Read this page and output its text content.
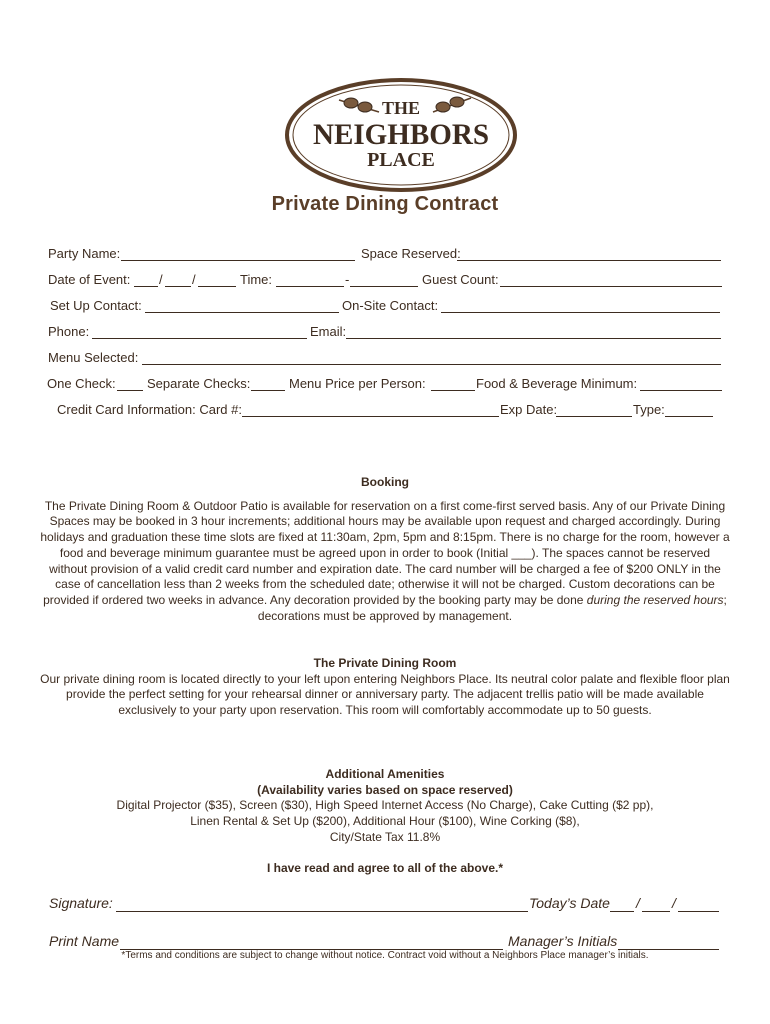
THE
NEIGHBORS
PLACE
Private Dining Contract
Party Name:	Space Reserved:
Date of Event: / /	Time:	-	Guest Count:
Set Up Contact:	On-Site Contact:
Phone:	Email:
Menu Selected:
One Check: Separate Checks:	Menu Price per Person:	Food & Beverage Minimum:
Credit Card Information: Card #:	Exp Date:	Type:
Booking

The Private Dining Room & Outdoor Patio is available for reservation on a first come-first served basis. Any of our Private Dining Spaces may be booked in 3 hour increments; additional hours may be available upon request and charged accordingly. During holidays and graduation these time slots are fixed at 11:30am, 2pm, 5pm and 8:15pm. There is no charge for the room, however a food and beverage minimum guarantee must be agreed upon in order to book (Initial ___). The spaces cannot be reserved without provision of a valid credit card number and expiration date. The card number will be charged a fee of $200 ONLY in the case of cancellation less than 2 weeks from the scheduled date; otherwise it will not be charged. Custom decorations can be provided if ordered two weeks in advance. Any decoration provided by the booking party may be done during the reserved hours; decorations must be approved by management.

The Private Dining Room

Our private dining room is located directly to your left upon entering Neighbors Place. Its neutral color palate and flexible floor plan provide the perfect setting for your rehearsal dinner or anniversary party. The adjacent trellis patio will be made available exclusively to your party upon reservation. This room will comfortably accommodate up to 50 guests.

Additional Amenities
(Availability varies based on space reserved)

Digital Projector ($35), Screen ($30), High Speed Internet Access (No Charge), Cake Cutting ($2 pp),

Linen Rental & Set Up ($200), Additional Hour ($100), Wine Corking ($8),

City/State Tax 11.8%

I have read and agree to all of the above.*
Signature:	Today’s Date / /
Print Name	Manager’s Initials
*Terms and conditions are subject to change without notice. Contract void without a Neighbors Place manager’s initials.
